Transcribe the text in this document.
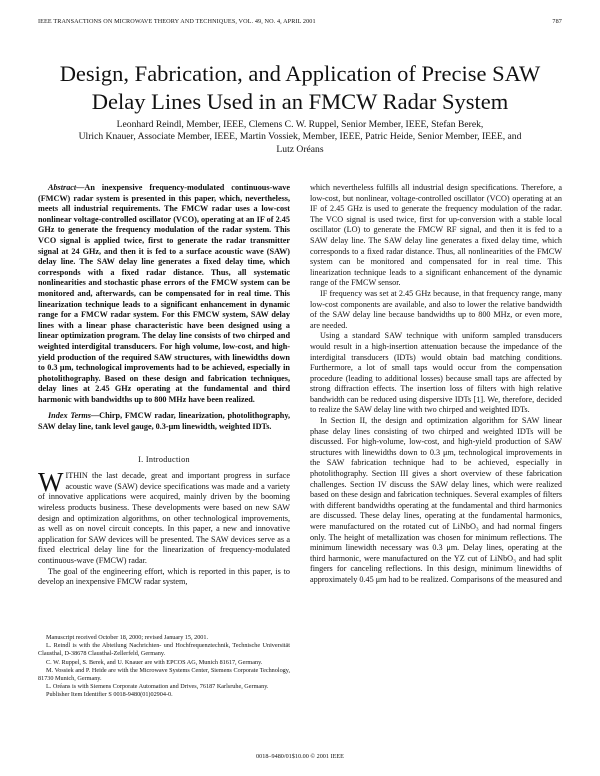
IEEE TRANSACTIONS ON MICROWAVE THEORY AND TECHNIQUES, VOL. 49, NO. 4, APRIL 2001	787
Design, Fabrication, and Application of Precise SAW
Delay Lines Used in an FMCW Radar System
Leonhard Reindl, Member, IEEE, Clemens C. W. Ruppel, Senior Member, IEEE, Stefan Berek,
Ulrich Knauer, Associate Member, IEEE, Martin Vossiek, Member, IEEE, Patric Heide, Senior Member, IEEE, and
Lutz Oréans

Abstract—An inexpensive frequency-modulated continuous-wave (FMCW) radar system is presented in this paper, which, nevertheless, meets all industrial requirements. The FMCW radar uses a low-cost nonlinear voltage-controlled oscillator (VCO), operating at an IF of 2.45 GHz to generate the frequency modulation of the radar system. This VCO signal is applied twice, first to generate the radar transmitter signal at 24 GHz, and then it is fed to a surface acoustic wave (SAW) delay line. The SAW delay line generates a fixed delay time, which corresponds with a fixed radar distance. Thus, all systematic nonlinearities and stochastic phase errors of the FMCW system can be monitored and, afterwards, can be compensated for in real time. This linearization technique leads to a significant enhancement in dynamic range for a FMCW radar system. For this FMCW system, SAW delay lines with a linear phase characteristic have been designed using a linear optimization program. The delay line consists of two chirped and weighted interdigital transducers. For high volume, low-cost, and high-yield production of the required SAW structures, with linewidths down to 0.3 μm, technological improvements had to be achieved, especially in photolithography. Based on these design and fabrication techniques, delay lines at 2.45 GHz operating at the fundamental and third harmonic with bandwidths up to 800 MHz have been realized.

Index Terms—Chirp, FMCW radar, linearization, photolithography, SAW delay line, tank level gauge, 0.3-μm linewidth, weighted IDTs.

I. Introduction

WITHIN the last decade, great and important progress in surface acoustic wave (SAW) device specifications was made and a variety of innovative applications were acquired, mainly driven by the booming wireless products business. These developments were based on new SAW design and optimization algorithms, on other technological improvements, as well as on novel circuit concepts. In this paper, a new and innovative application for SAW devices will be presented. The SAW devices serve as a fixed electrical delay line for the linearization of frequency-modulated continuous-wave (FMCW) radar.

The goal of the engineering effort, which is reported in this paper, is to develop an inexpensive FMCW radar system,

Manuscript received October 18, 2000; revised January 15, 2001.

L. Reindl is with the Abteilung Nachrichten- und Hochfrequenztechnik, Technische Universität Clausthal, D-38678 Clausthal-Zellerfeld, Germany.

C. W. Ruppel, S. Berek, and U. Knauer are with EPCOS AG, Munich 81617, Germany.

M. Vossiek and P. Heide are with the Microwave Systems Center, Siemens Corporate Technology, 81730 Munich, Germany.

L. Oréans is with Siemens Corporate Automation and Drives, 76187 Karlsruhe, Germany.

Publisher Item Identifier S 0018-9480(01)02904-0.

which nevertheless fulfills all industrial design specifications. Therefore, a low-cost, but nonlinear, voltage-controlled oscillator (VCO) operating at an IF of 2.45 GHz is used to generate the frequency modulation of the radar. The VCO signal is used twice, first for up-conversion with a stable local oscillator (LO) to generate the FMCW RF signal, and then it is fed to a SAW delay line. The SAW delay line generates a fixed delay time, which corresponds to a fixed radar distance. Thus, all nonlinearities of the FMCW system can be monitored and compensated for in real time. This linearization technique leads to a significant enhancement of the dynamic range of the FMCW sensor.

IF frequency was set at 2.45 GHz because, in that frequency range, many low-cost components are available, and also to lower the relative bandwidth of the SAW delay line because bandwidths up to 800 MHz, or even more, are needed.

Using a standard SAW technique with uniform sampled transducers would result in a high-insertion attenuation because the impedance of the interdigital transducers (IDTs) would obtain bad matching conditions. Furthermore, a lot of small taps would occur from the compensation procedure (leading to additional losses) because small taps are affected by strong diffraction effects. The insertion loss of filters with high relative bandwidth can be reduced using dispersive IDTs [1]. We, therefore, decided to realize the SAW delay line with two chirped and weighted IDTs.

In Section II, the design and optimization algorithm for SAW linear phase delay lines consisting of two chirped and weighted IDTs will be discussed. For high-volume, low-cost, and high-yield production of SAW structures with linewidths down to 0.3 μm, technological improvements in the SAW fabrication technique had to be achieved, especially in photolithography. Section III gives a short overview of these fabrication challenges. Section IV discuss the SAW delay lines, which were realized based on these design and fabrication techniques. Several examples of filters with different bandwidths operating at the fundamental and third harmonics are discussed. These delay lines, operating at the fundamental harmonics, were manufactured on the rotated cut of LiNbO₃ and had normal fingers only. The height of metallization was chosen for minimum reflections. The minimum linewidth necessary was 0.3 μm. Delay lines, operating at the third harmonic, were manufactured on the YZ cut of LiNbO₃ and had split fingers for canceling reflections. In this design, minimum linewidths of approximately 0.45 μm had to be realized. Comparisons of the measured and

0018–9480/01$10.00 © 2001 IEEE
